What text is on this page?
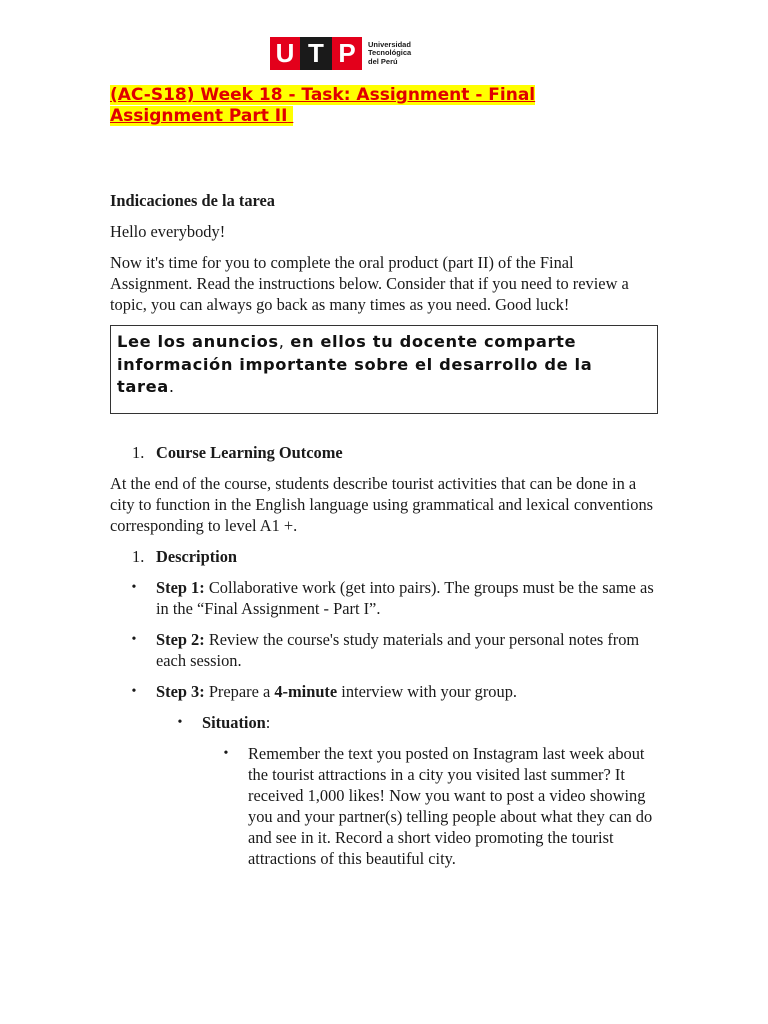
U T P	Universidad
Tecnológica
del Perú
(AC-S18) Week 18 - Task: Assignment - Final Assignment Part II
Indicaciones de la tarea
Hello everybody!
Now it's time for you to complete the oral product (part II) of the Final Assignment. Read the instructions below. Consider that if you need to review a topic, you can always go back as many times as you need. Good luck!
Lee los anuncios, en ellos tu docente comparte información importante sobre el desarrollo de la tarea.
1. Course Learning Outcome
At the end of the course, students describe tourist activities that can be done in a city to function in the English language using grammatical and lexical conventions corresponding to level A1 +.
1. Description
•	Step 1: Collaborative work (get into pairs). The groups must be the same as in the “Final Assignment - Part I”.
•	Step 2: Review the course's study materials and your personal notes from each session.
•	Step 3: Prepare a 4-minute interview with your group.
•	Situation:
•	Remember the text you posted on Instagram last week about the tourist attractions in a city you visited last summer? It received 1,000 likes! Now you want to post a video showing you and your partner(s) telling people about what they can do and see in it. Record a short video promoting the tourist attractions of this beautiful city.
